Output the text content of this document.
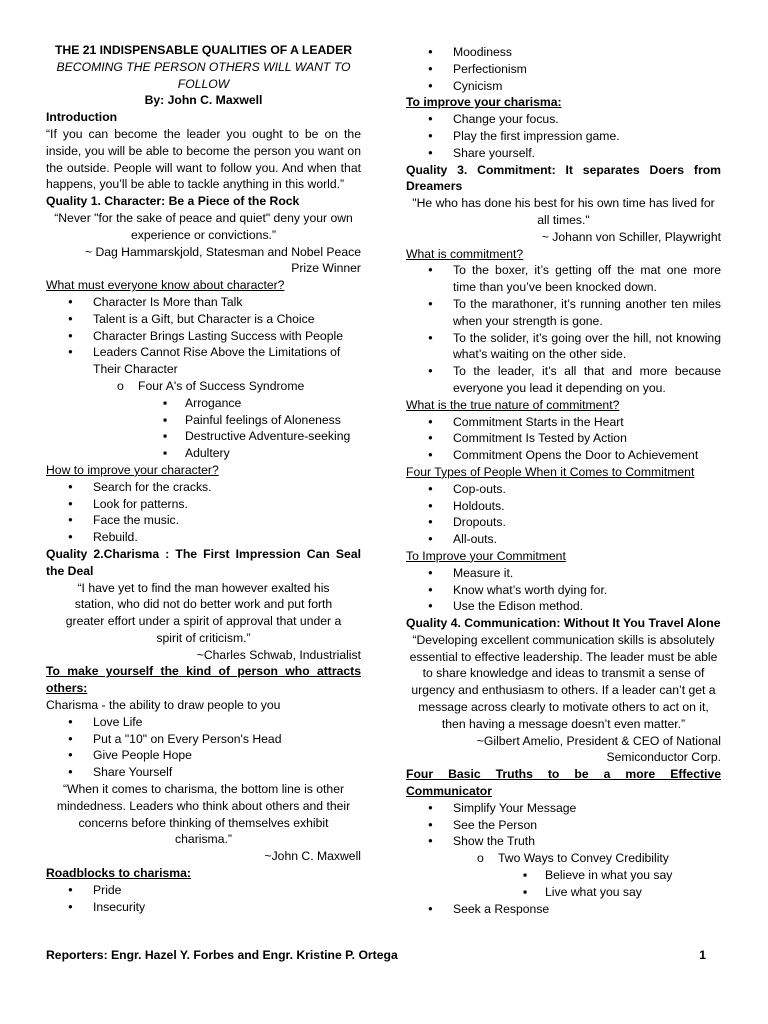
THE 21 INDISPENSABLE QUALITIES OF A LEADER

BECOMING THE PERSON OTHERS WILL WANT TO FOLLOW

By: John C. Maxwell

Introduction

“If you can become the leader you ought to be on the inside, you will be able to become the person you want on the outside. People will want to follow you. And when that happens, you’ll be able to tackle anything in this world.”

Quality 1. Character: Be a Piece of the Rock

“Never "for the sake of peace and quiet" deny your own experience or convictions.”

~ Dag Hammarskjold, Statesman and Nobel Peace Prize Winner

What must everyone know about character?

● Character Is More than Talk
● Talent is a Gift, but Character is a Choice
● Character Brings Lasting Success with People
● Leaders Cannot Rise Above the Limitations of Their Character
o Four A's of Success Syndrome
▪ Arrogance
▪ Painful feelings of Aloneness
▪ Destructive Adventure-seeking
▪ Adultery

How to improve your character?

● Search for the cracks.
● Look for patterns.
● Face the music.
● Rebuild.

Quality 2.Charisma : The First Impression Can Seal the Deal

“I have yet to find the man however exalted his station, who did not do better work and put forth greater effort under a spirit of approval that under a spirit of criticism.”

~Charles Schwab, Industrialist

To make yourself the kind of person who attracts others:

Charisma - the ability to draw people to you

● Love Life
● Put a "10" on Every Person's Head
● Give People Hope
● Share Yourself

“When it comes to charisma, the bottom line is other mindedness. Leaders who think about others and their concerns before thinking of themselves exhibit charisma.”

~John C. Maxwell

Roadblocks to charisma:

● Pride
● Insecurity
● Moodiness
● Perfectionism
● Cynicism

To improve your charisma:

● Change your focus.
● Play the first impression game.
● Share yourself.

Quality 3. Commitment: It separates Doers from Dreamers

"He who has done his best for his own time has lived for all times."

~ Johann von Schiller, Playwright

What is commitment?

● To the boxer, it’s getting off the mat one more time than you’ve been knocked down.
● To the marathoner, it’s running another ten miles when your strength is gone.
● To the solider, it’s going over the hill, not knowing what’s waiting on the other side.
● To the leader, it’s all that and more because everyone you lead it depending on you.

What is the true nature of commitment?

● Commitment Starts in the Heart
● Commitment Is Tested by Action
● Commitment Opens the Door to Achievement

Four Types of People When it Comes to Commitment

● Cop-outs.
● Holdouts.
● Dropouts.
● All-outs.

To Improve your Commitment

● Measure it.
● Know what’s worth dying for.
● Use the Edison method.

Quality 4. Communication: Without It You Travel Alone

“Developing excellent communication skills is absolutely essential to effective leadership. The leader must be able to share knowledge and ideas to transmit a sense of urgency and enthusiasm to others. If a leader can’t get a message across clearly to motivate others to act on it, then having a message doesn’t even matter.”

~Gilbert Amelio, President & CEO of National Semiconductor Corp.

Four Basic Truths to be a more Effective Communicator

● Simplify Your Message
● See the Person
● Show the Truth
o Two Ways to Convey Credibility
▪ Believe in what you say
▪ Live what you say
● Seek a Response
Reporters: Engr. Hazel Y. Forbes and Engr. Kristine P. Ortega	1
